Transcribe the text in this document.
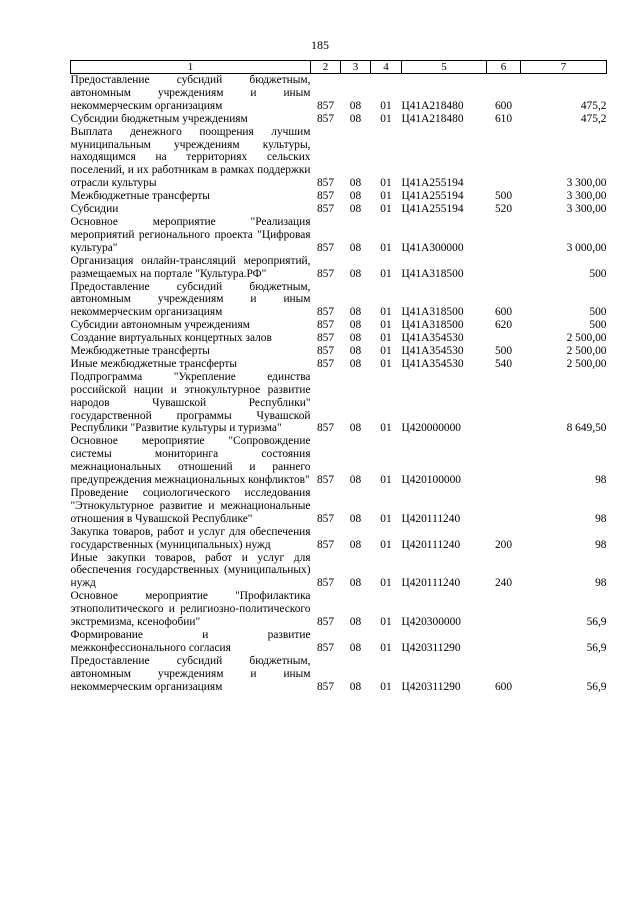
185
1	2	3	4	5	6	7
Предоставление субсидий бюджетным, автономным учреждениям и иным некоммерческим организациям	857	08	01	Ц41А218480	600	475,2
Субсидии бюджетным учреждениям	857	08	01	Ц41А218480	610	475,2
Выплата денежного поощрения лучшим муниципальным учреждениям культуры, находящимся на территориях сельских поселений, и их работникам в рамках поддержки отрасли культуры	857	08	01	Ц41А255194		3 300,00
Межбюджетные трансферты	857	08	01	Ц41А255194	500	3 300,00
Субсидии	857	08	01	Ц41А255194	520	3 300,00
Основное мероприятие "Реализация мероприятий регионального проекта "Цифровая культура"	857	08	01	Ц41А300000		3 000,00
Организация онлайн-трансляций мероприятий, размещаемых на портале "Культура.РФ"	857	08	01	Ц41А318500		500
Предоставление субсидий бюджетным, автономным учреждениям и иным некоммерческим организациям	857	08	01	Ц41А318500	600	500
Субсидии автономным учреждениям	857	08	01	Ц41А318500	620	500
Создание виртуальных концертных залов	857	08	01	Ц41А354530		2 500,00
Межбюджетные трансферты	857	08	01	Ц41А354530	500	2 500,00
Иные межбюджетные трансферты	857	08	01	Ц41А354530	540	2 500,00
Подпрограмма "Укрепление единства российской нации и этнокультурное развитие народов Чувашской Республики" государственной программы Чувашской Республики "Развитие культуры и туризма"	857	08	01	Ц420000000		8 649,50
Основное мероприятие "Сопровождение системы мониторинга состояния межнациональных отношений и раннего предупреждения межнациональных конфликтов"	857	08	01	Ц420100000		98
Проведение социологического исследования "Этнокультурное развитие и межнациональные отношения в Чувашской Республике"	857	08	01	Ц420111240		98
Закупка товаров, работ и услуг для обеспечения государственных (муниципальных) нужд	857	08	01	Ц420111240	200	98
Иные закупки товаров, работ и услуг для обеспечения государственных (муниципальных) нужд	857	08	01	Ц420111240	240	98
Основное мероприятие "Профилактика этнополитического и религиозно-политического экстремизма, ксенофобии"	857	08	01	Ц420300000		56,9
Формирование и развитие межконфессионального согласия	857	08	01	Ц420311290		56,9
Предоставление субсидий бюджетным, автономным учреждениям и иным некоммерческим организациям	857	08	01	Ц420311290	600	56,9
